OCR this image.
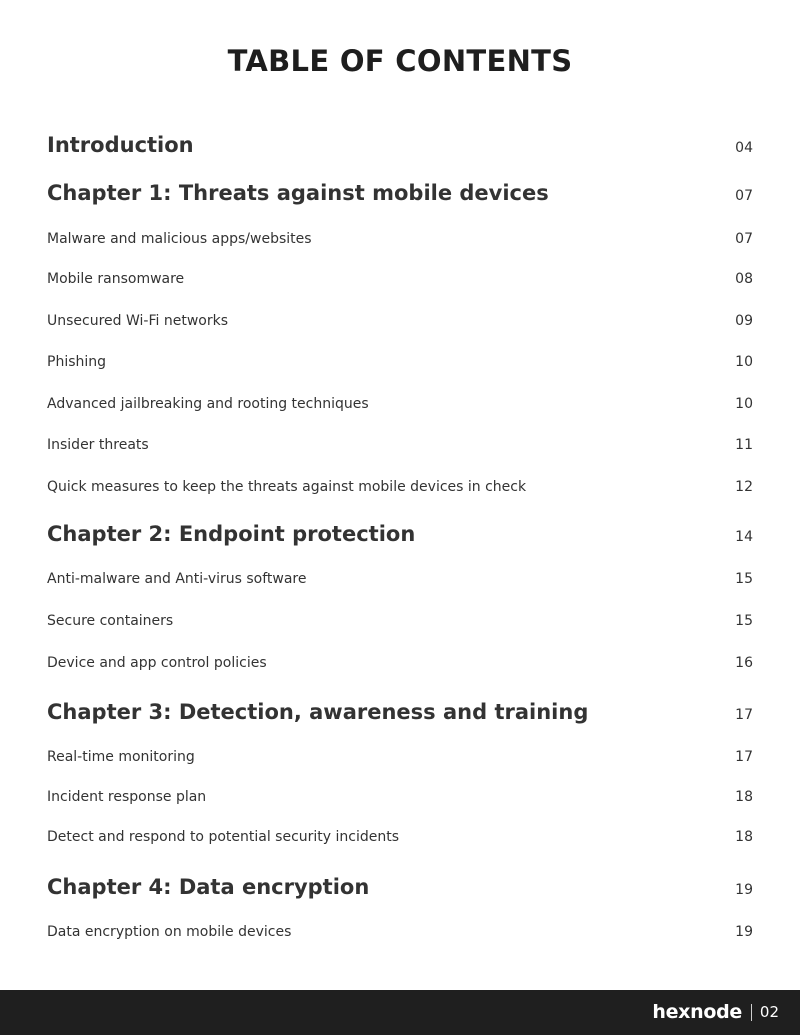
TABLE OF CONTENTS
Introduction	04
Chapter 1: Threats against mobile devices	07
Malware and malicious apps/websites	07
Mobile ransomware	08
Unsecured Wi-Fi networks	09
Phishing	10
Advanced jailbreaking and rooting techniques	10
Insider threats	11
Quick measures to keep the threats against mobile devices in check	12
Chapter 2: Endpoint protection	14
Anti-malware and Anti-virus software	15
Secure containers	15
Device and app control policies	16
Chapter 3: Detection, awareness and training	17
Real-time monitoring	17
Incident response plan	18
Detect and respond to potential security incidents	18
Chapter 4: Data encryption	19
Data encryption on mobile devices	19
hexnode 02
